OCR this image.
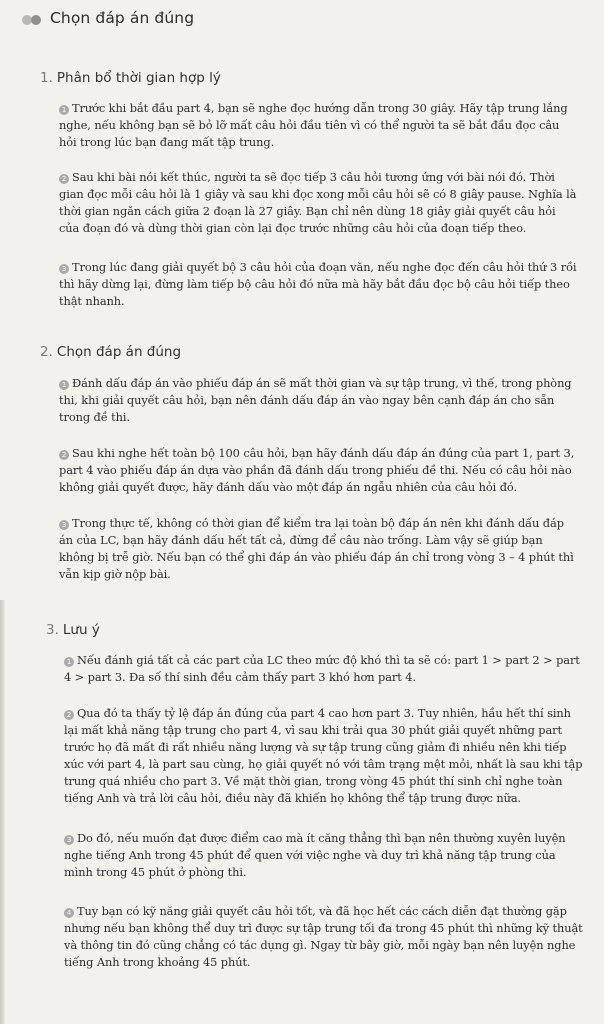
Chọn đáp án đúng
1. Phân bổ thời gian hợp lý
1 Trước khi bắt đầu part 4, bạn sẽ nghe đọc hướng dẫn trong 30 giây. Hãy tập trung lắng nghe, nếu không bạn sẽ bỏ lỡ mất câu hỏi đầu tiên vì có thể người ta sẽ bắt đầu đọc câu hỏi trong lúc bạn đang mất tập trung.
2 Sau khi bài nói kết thúc, người ta sẽ đọc tiếp 3 câu hỏi tương ứng với bài nói đó. Thời gian đọc mỗi câu hỏi là 1 giây và sau khi đọc xong mỗi câu hỏi sẽ có 8 giây pause. Nghĩa là thời gian ngăn cách giữa 2 đoạn là 27 giây. Bạn chỉ nên dùng 18 giây giải quyết câu hỏi của đoạn đó và dùng thời gian còn lại đọc trước những câu hỏi của đoạn tiếp theo.
3 Trong lúc đang giải quyết bộ 3 câu hỏi của đoạn văn, nếu nghe đọc đến câu hỏi thứ 3 rồi thì hãy dừng lại, đừng làm tiếp bộ câu hỏi đó nữa mà hãy bắt đầu đọc bộ câu hỏi tiếp theo thật nhanh.
2. Chọn đáp án đúng
1 Đánh dấu đáp án vào phiếu đáp án sẽ mất thời gian và sự tập trung, vì thế, trong phòng thi, khi giải quyết câu hỏi, bạn nên đánh dấu đáp án vào ngay bên cạnh đáp án cho sẵn trong đề thi.
2 Sau khi nghe hết toàn bộ 100 câu hỏi, bạn hãy đánh dấu đáp án đúng của part 1, part 3, part 4 vào phiếu đáp án dựa vào phần đã đánh dấu trong phiếu đề thi. Nếu có câu hỏi nào không giải quyết được, hãy đánh dấu vào một đáp án ngẫu nhiên của câu hỏi đó.
3 Trong thực tế, không có thời gian để kiểm tra lại toàn bộ đáp án nên khi đánh dấu đáp án của LC, bạn hãy đánh dấu hết tất cả, đừng để câu nào trống. Làm vậy sẽ giúp bạn không bị trễ giờ. Nếu bạn có thể ghi đáp án vào phiếu đáp án chỉ trong vòng 3 – 4 phút thì vẫn kịp giờ nộp bài.
3. Lưu ý
1 Nếu đánh giá tất cả các part của LC theo mức độ khó thì ta sẽ có: part 1 > part 2 > part 4 > part 3. Đa số thí sinh đều cảm thấy part 3 khó hơn part 4.
2 Qua đó ta thấy tỷ lệ đáp án đúng của part 4 cao hơn part 3. Tuy nhiên, hầu hết thí sinh lại mất khả năng tập trung cho part 4, vì sau khi trải qua 30 phút giải quyết những part trước họ đã mất đi rất nhiều năng lượng và sự tập trung cũng giảm đi nhiều nên khi tiếp xúc với part 4, là part sau cùng, họ giải quyết nó với tâm trạng mệt mỏi, nhất là sau khi tập trung quá nhiều cho part 3. Về mặt thời gian, trong vòng 45 phút thí sinh chỉ nghe toàn tiếng Anh và trả lời câu hỏi, điều này đã khiến họ không thể tập trung được nữa.
3 Do đó, nếu muốn đạt được điểm cao mà ít căng thẳng thì bạn nên thường xuyên luyện nghe tiếng Anh trong 45 phút để quen với việc nghe và duy trì khả năng tập trung của mình trong 45 phút ở phòng thi.
4 Tuy bạn có kỹ năng giải quyết câu hỏi tốt, và đã học hết các cách diễn đạt thường gặp nhưng nếu bạn không thể duy trì được sự tập trung tối đa trong 45 phút thì những kỹ thuật và thông tin đó cũng chẳng có tác dụng gì. Ngay từ bây giờ, mỗi ngày bạn nên luyện nghe tiếng Anh trong khoảng 45 phút.
